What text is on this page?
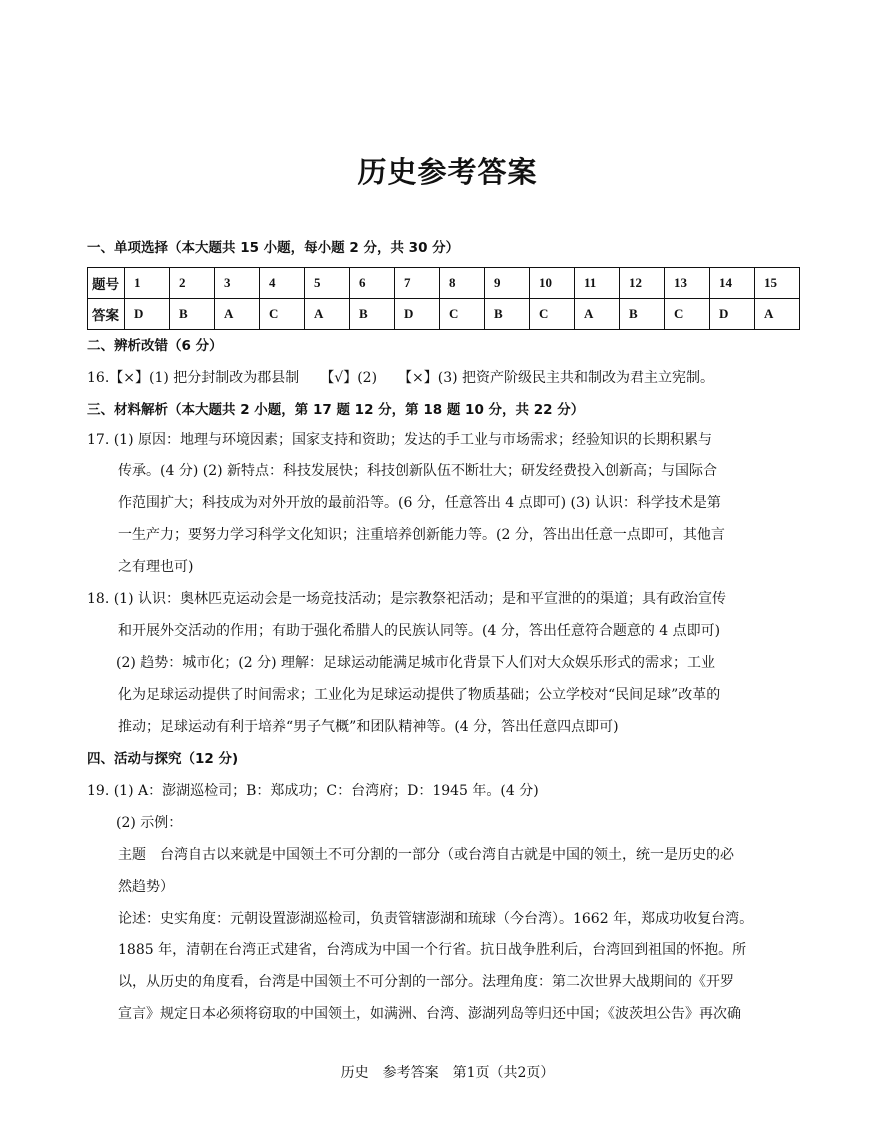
历史参考答案
一、单项选择（本大题共 15 小题，每小题 2 分，共 30 分）
题号	1	2	3	4	5	6	7	8	9	10	11	12	13	14	15
答案	D	B	A	C	A	B	D	C	B	C	A	B	C	D	A
二、辨析改错（6 分）
16.【×】(1) 把分封制改为郡县制　　【√】(2)　　【×】(3) 把资产阶级民主共和制改为君主立宪制。
三、材料解析（本大题共 2 小题，第 17 题 12 分，第 18 题 10 分，共 22 分）
17. (1) 原因：地理与环境因素；国家支持和资助；发达的手工业与市场需求；经验知识的长期积累与
传承。(4 分) (2) 新特点：科技发展快；科技创新队伍不断壮大；研发经费投入创新高；与国际合
作范围扩大；科技成为对外开放的最前沿等。(6 分，任意答出 4 点即可) (3) 认识：科学技术是第
一生产力；要努力学习科学文化知识；注重培养创新能力等。(2 分，答出出任意一点即可，其他言
之有理也可)
18. (1) 认识：奥林匹克运动会是一场竞技活动；是宗教祭祀活动；是和平宣泄的的渠道；具有政治宣传
和开展外交活动的作用；有助于强化希腊人的民族认同等。(4 分，答出任意符合题意的 4 点即可)
(2) 趋势：城市化；(2 分) 理解：足球运动能满足城市化背景下人们对大众娱乐形式的需求；工业
化为足球运动提供了时间需求；工业化为足球运动提供了物质基础；公立学校对“民间足球”改革的
推动；足球运动有利于培养“男子气概”和团队精神等。(4 分，答出任意四点即可)
四、活动与探究（12 分)
19. (1) A：澎湖巡检司；B：郑成功；C：台湾府；D：1945 年。(4 分)
(2) 示例：
主题　台湾自古以来就是中国领土不可分割的一部分（或台湾自古就是中国的领土，统一是历史的必
然趋势）
论述：史实角度：元朝设置澎湖巡检司，负责管辖澎湖和琉球（今台湾）。1662 年，郑成功收复台湾。
1885 年，清朝在台湾正式建省，台湾成为中国一个行省。抗日战争胜利后，台湾回到祖国的怀抱。所
以，从历史的角度看，台湾是中国领土不可分割的一部分。法理角度：第二次世界大战期间的《开罗
宣言》规定日本必须将窃取的中国领土，如满洲、台湾、澎湖列岛等归还中国；《波茨坦公告》再次确
历史　参考答案　第1页（共2页）
